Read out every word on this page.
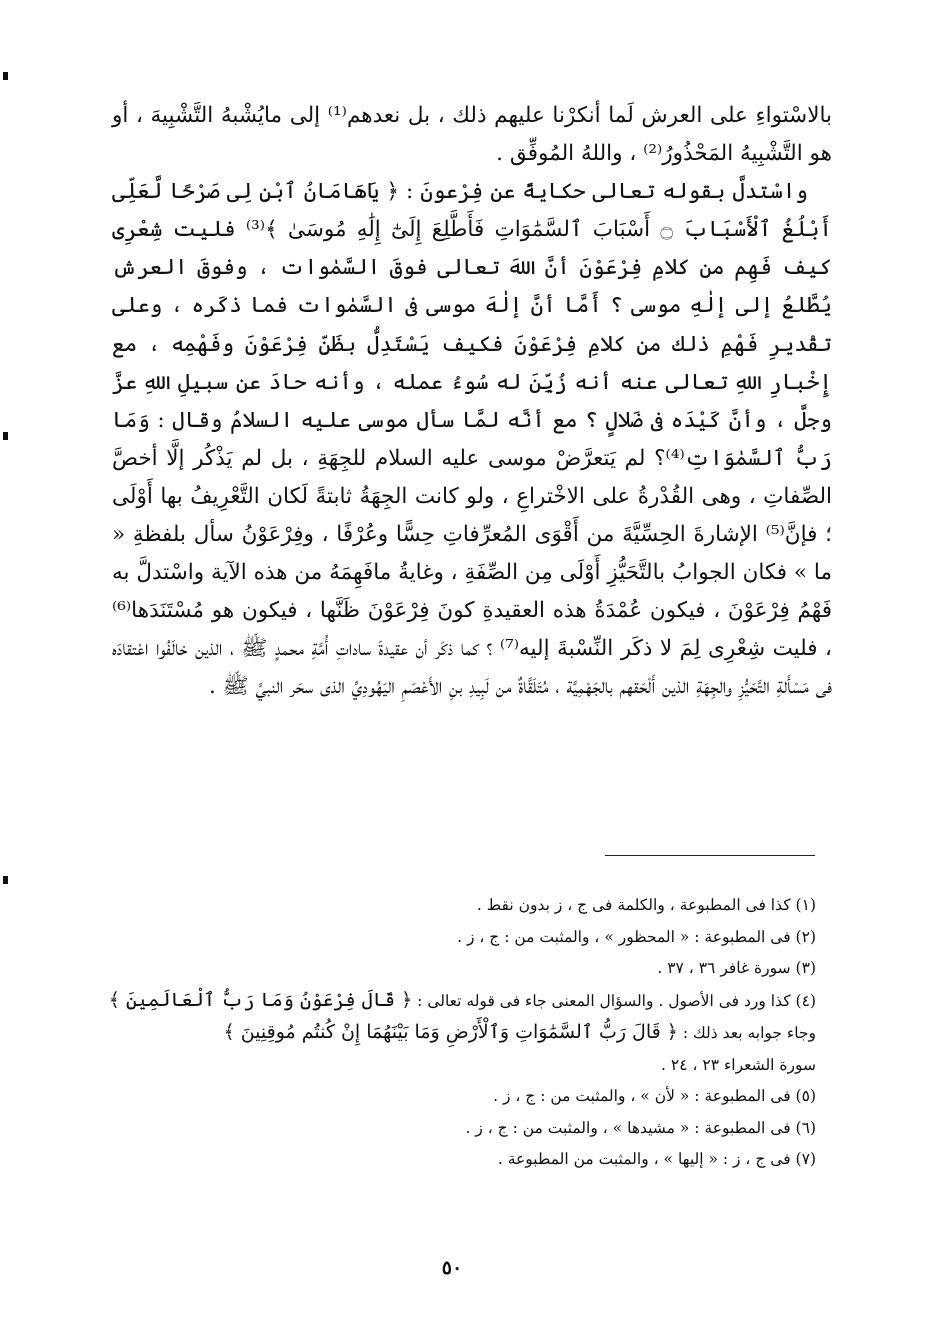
بالاسْتواءِ على العرش لَما أنكرْنا عليهم ذلك ، بل نعدهم⁽¹⁾ إلى مايُشْبهُ التَّشْبِيهَ ، أو هو التَّشْبِيهُ المَحْذُورُ⁽²⁾ ، واللهُ المُوفِّق .

واسْتدلَّ بقوله تعالى حكايةً عن فِرْعونَ : ﴿ يَاهَامَانُ ٱبْنِ لِى صَرْحًا لَّعَلِّى أَبْلُغُ ٱلْأَسْبَابَ ۝ أَسْبَابَ ٱلسَّمَٰوَاتِ فَأَطَّلِعَ إِلَىٰٓ إِلَٰهِ مُوسَىٰ ﴾⁽³⁾ فليت شِعْرِى كيف فَهِم من كلامِ فِرْعَوْنَ أنَّ اللهَ تعالى فوقَ السَّمٰوات ، وفوقَ العرش يُطَّلعُ إلى إلٰهِ موسى ؟ أَمَّا أنَّ إلٰهَ موسى فى السَّمٰوات فما ذكَره ، وعلى تقْديرِ فَهْمِ ذلك من كلامِ فِرْعَوْنَ فكيف يَسْتَدِلُّ بظَنِّ فِرْعَوْنَ وفَهْمِه ، مع إِخْبارِ اللهِ تعالى عنه أنه زُيِّنَ له سُوءُ عمله ، وأنه حادَ عن سبيلِ اللهِ عزَّ وجلَّ ، وأنَّ كَيْدَه فى ضَلالٍ ؟ مع أنَّه لمَّا سأل موسى عليه السلامُ وقال : وَمَا رَبُّ ٱلسَّمٰوَاتِ⁽⁴⁾؟ لم يَتعرَّضْ موسى عليه السلام للجِهَةِ ، بل لم يَذْكُر إلَّا أخصَّ الصِّفاتِ ، وهى القُدْرةُ على الاخْتراعِ ، ولو كانت الجِهَةُ ثابتةً لَكان التَّعْرِيفُ بها أَوْلَى ؛ فإنَّ⁽⁵⁾ الإشارةَ الحِسِّيَّةَ من أَقْوَى المُعرِّفاتِ حِسًّا وعُرْفًا ، وفِرْعَوْنُ سأل بلفظةِ « ما » فكان الجوابُ بالتَّحَيُّزِ أَوْلَى مِن الصِّفَةِ ، وغايةُ مافَهِمَهُ من هذه الآية واسْتدلَّ به فَهْمُ فِرْعَوْنَ ، فيكون عُمْدَةُ هذه العقيدةِ كونَ فِرْعَوْنَ ظَنَّها ، فيكون هو مُسْتَنَدَها⁽⁶⁾ ، فليت شِعْرِى لِمَ لا ذكَر النِّسْبةَ إليه⁽⁷⁾ ؟ كما ذكَر أن عقيدةَ ساداتِ أُمَّةِ محمدٍ ﷺ ، الذين خالَفُوا اعْتقادَه فى مَسْأَلةِ التَّحَيُّزِ والجِهَةِ الذين أَلْحَقهم بالجَهْمِيَّة ، مُتَلَقَّاةٌ من لَبِيدِ بنِ الأَعْصَمِ اليَهُودِيِّ الذى سحَر النبيَّ ﷺ .

(١) كذا فى المطبوعة ، والكلمة فى ج ، ز بدون نقط .

(٢) فى المطبوعة : « المحظور » ، والمثبت من : ج ، ز .

(٣) سورة غافر ٣٦ ، ٣٧ .

(٤) كذا ورد فى الأصول . والسؤال المعنى جاء فى قوله تعالى : ﴿ قَالَ فِرْعَوْنُ وَمَا رَبُّ ٱلْعَالَمِينَ ﴾
وجاء جوابه بعد ذلك : ﴿ قَالَ رَبُّ ٱلسَّمَٰوَاتِ وَٱلْأَرْضِ وَمَا بَيْنَهُمَا إِنْ كُنتُم مُوقِنِينَ ﴾
سورة الشعراء ٢٣ ، ٢٤ .

(٥) فى المطبوعة : « لأن » ، والمثبت من : ج ، ز .

(٦) فى المطبوعة : « مشيدها » ، والمثبت من : ج ، ز .

(٧) فى ج ، ز : « إليها » ، والمثبت من المطبوعة .

٥٠
